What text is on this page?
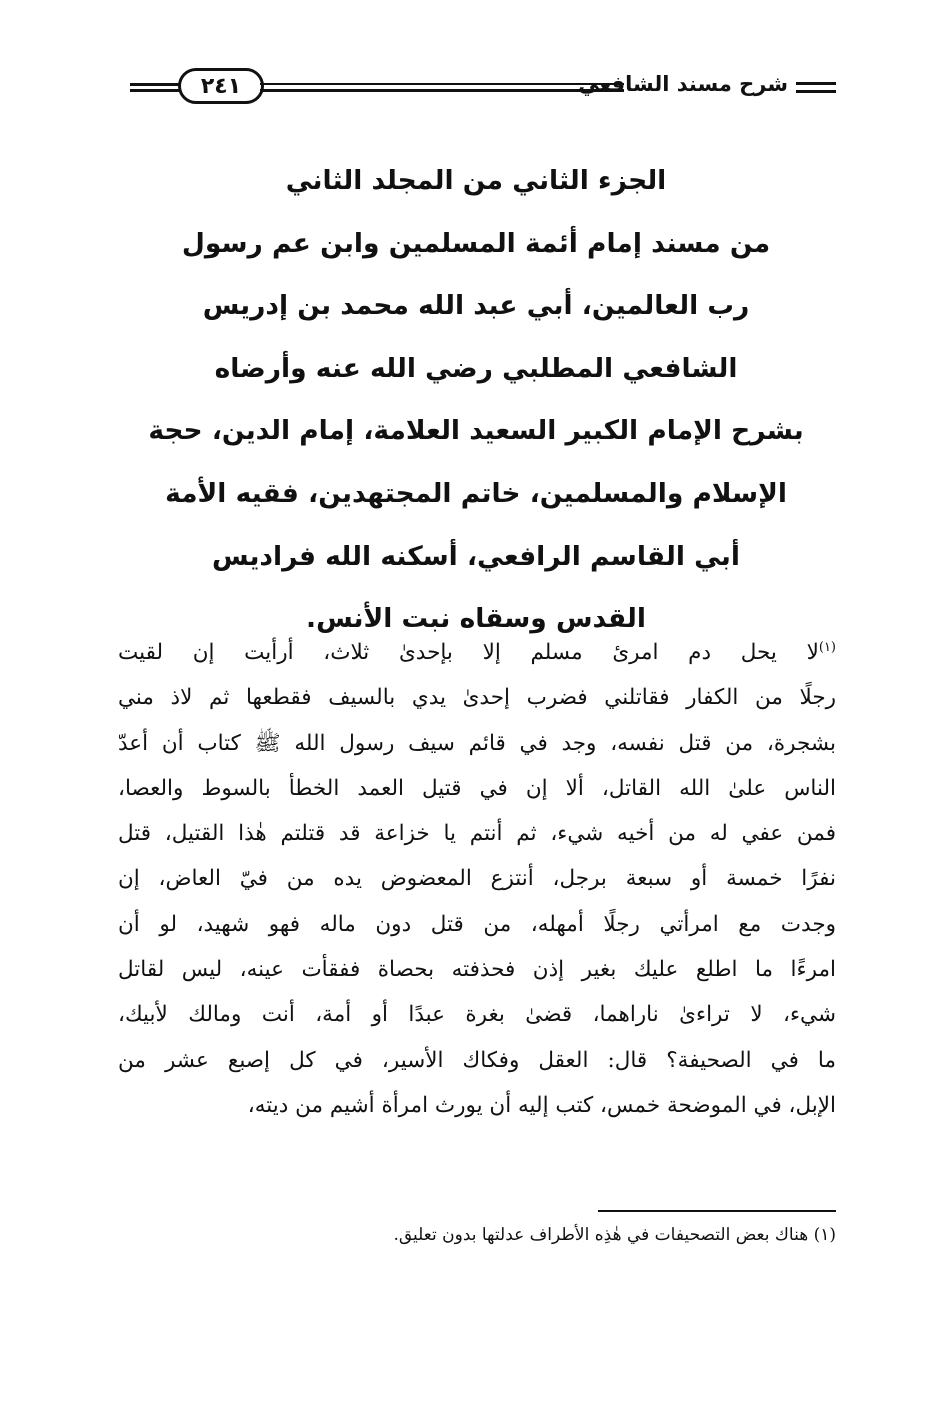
٢٤١	شرح مسند الشافعي
الجزء الثاني من المجلد الثاني
من مسند إمام أئمة المسلمين وابن عم رسول
رب العالمين، أبي عبد الله محمد بن إدريس
الشافعي المطلبي رضي الله عنه وأرضاه
بشرح الإمام الكبير السعيد العلامة، إمام الدين، حجة
الإسلام والمسلمين، خاتم المجتهدين، فقيه الأمة
أبي القاسم الرافعي، أسكنه الله فراديس
القدس وسقاه نبت الأنس.
$^{(١)}$لا يحل دم امرئ مسلم إلا بإحدىٰ ثلاث، أرأيت إن لقيت
رجلًا من الكفار فقاتلني فضرب إحدىٰ يدي بالسيف فقطعها ثم لاذ مني
بشجرة، من قتل نفسه، وجد في قائم سيف رسول الله ﷺ كتاب أن أعدّ
الناس علىٰ الله القاتل، ألا إن في قتيل العمد الخطأ بالسوط والعصا،
فمن عفي له من أخيه شيء، ثم أنتم يا خزاعة قد قتلتم هٰذا القتيل، قتل
نفرًا خمسة أو سبعة برجل، أنتزع المعضوض يده من فيّ العاض، إن
وجدت مع امرأتي رجلًا أمهله، من قتل دون ماله فهو شهيد، لو أن
امرءًا ما اطلع عليك بغير إذن فحذفته بحصاة ففقأت عينه، ليس لقاتل
شيء، لا تراءىٰ ناراهما، قضىٰ بغرة عبدًا أو أمة، أنت ومالك لأبيك،
ما في الصحيفة؟ قال: العقل وفكاك الأسير، في كل إصبع عشر من
الإبل، في الموضحة خمس، كتب إليه أن يورث امرأة أشيم من ديته،
(١) هناك بعض التصحيفات في هٰذِه الأطراف عدلتها بدون تعليق.
